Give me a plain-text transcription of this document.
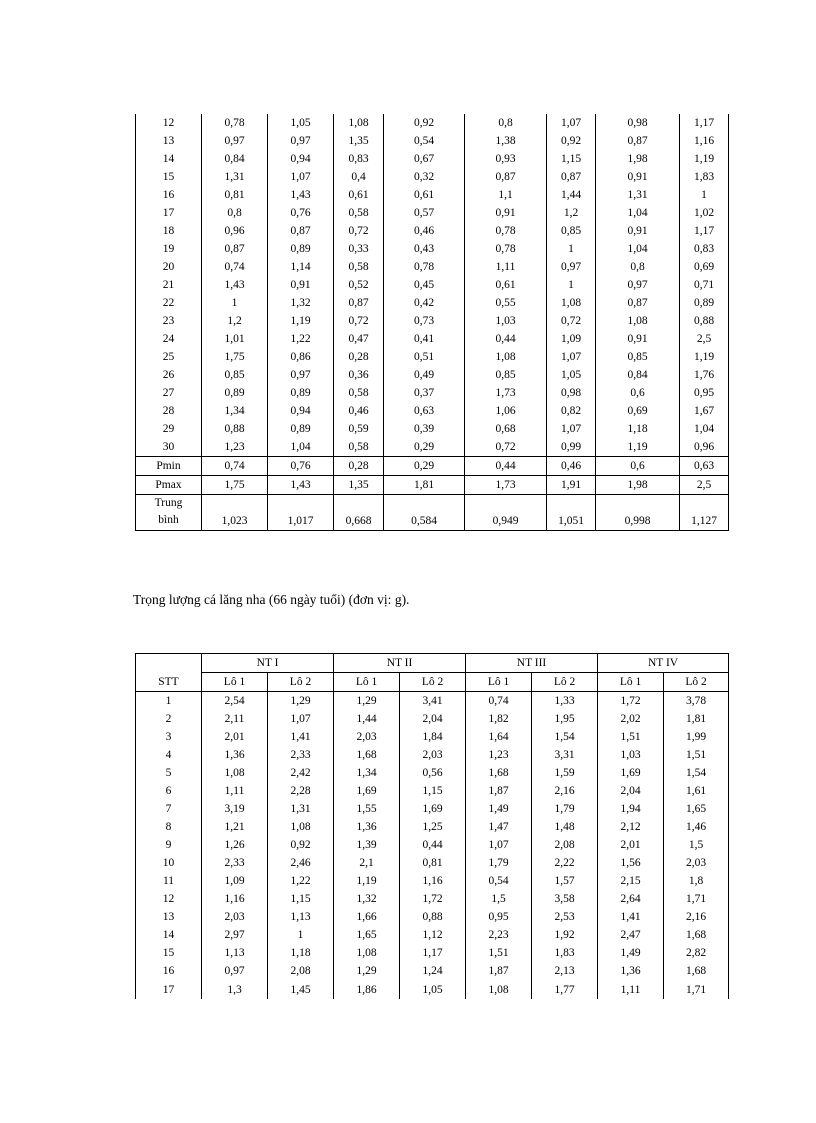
12	0,78	1,05	1,08	0,92	0,8	1,07	0,98	1,17
13	0,97	0,97	1,35	0,54	1,38	0,92	0,87	1,16
14	0,84	0,94	0,83	0,67	0,93	1,15	1,98	1,19
15	1,31	1,07	0,4	0,32	0,87	0,87	0,91	1,83
16	0,81	1,43	0,61	0,61	1,1	1,44	1,31	1
17	0,8	0,76	0,58	0,57	0,91	1,2	1,04	1,02
18	0,96	0,87	0,72	0,46	0,78	0,85	0,91	1,17
19	0,87	0,89	0,33	0,43	0,78	1	1,04	0,83
20	0,74	1,14	0,58	0,78	1,11	0,97	0,8	0,69
21	1,43	0,91	0,52	0,45	0,61	1	0,97	0,71
22	1	1,32	0,87	0,42	0,55	1,08	0,87	0,89
23	1,2	1,19	0,72	0,73	1,03	0,72	1,08	0,88
24	1,01	1,22	0,47	0,41	0,44	1,09	0,91	2,5
25	1,75	0,86	0,28	0,51	1,08	1,07	0,85	1,19
26	0,85	0,97	0,36	0,49	0,85	1,05	0,84	1,76
27	0,89	0,89	0,58	0,37	1,73	0,98	0,6	0,95
28	1,34	0,94	0,46	0,63	1,06	0,82	0,69	1,67
29	0,88	0,89	0,59	0,39	0,68	1,07	1,18	1,04
30	1,23	1,04	0,58	0,29	0,72	0,99	1,19	0,96
Pmin	0,74	0,76	0,28	0,29	0,44	0,46	0,6	0,63
Pmax	1,75	1,43	1,35	1,81	1,73	1,91	1,98	2,5

Trung
bình	1,023	1,017	0,668	0,584	0,949	1,051	0,998	1,127
Trọng lượng cá lăng nha (66 ngày tuổi) (đơn vị: g).
	NT I		NT II		NT III		NT IV	
STT	Lô 1	Lô 2	Lô 1	Lô 2	Lô 1	Lô 2	Lô 1	Lô 2
1	2,54	1,29	1,29	3,41	0,74	1,33	1,72	3,78
2	2,11	1,07	1,44	2,04	1,82	1,95	2,02	1,81
3	2,01	1,41	2,03	1,84	1,64	1,54	1,51	1,99
4	1,36	2,33	1,68	2,03	1,23	3,31	1,03	1,51
5	1,08	2,42	1,34	0,56	1,68	1,59	1,69	1,54
6	1,11	2,28	1,69	1,15	1,87	2,16	2,04	1,61
7	3,19	1,31	1,55	1,69	1,49	1,79	1,94	1,65
8	1,21	1,08	1,36	1,25	1,47	1,48	2,12	1,46
9	1,26	0,92	1,39	0,44	1,07	2,08	2,01	1,5
10	2,33	2,46	2,1	0,81	1,79	2,22	1,56	2,03
11	1,09	1,22	1,19	1,16	0,54	1,57	2,15	1,8
12	1,16	1,15	1,32	1,72	1,5	3,58	2,64	1,71
13	2,03	1,13	1,66	0,88	0,95	2,53	1,41	2,16
14	2,97	1	1,65	1,12	2,23	1,92	2,47	1,68
15	1,13	1,18	1,08	1,17	1,51	1,83	1,49	2,82
16	0,97	2,08	1,29	1,24	1,87	2,13	1,36	1,68
17	1,3	1,45	1,86	1,05	1,08	1,77	1,11	1,71
